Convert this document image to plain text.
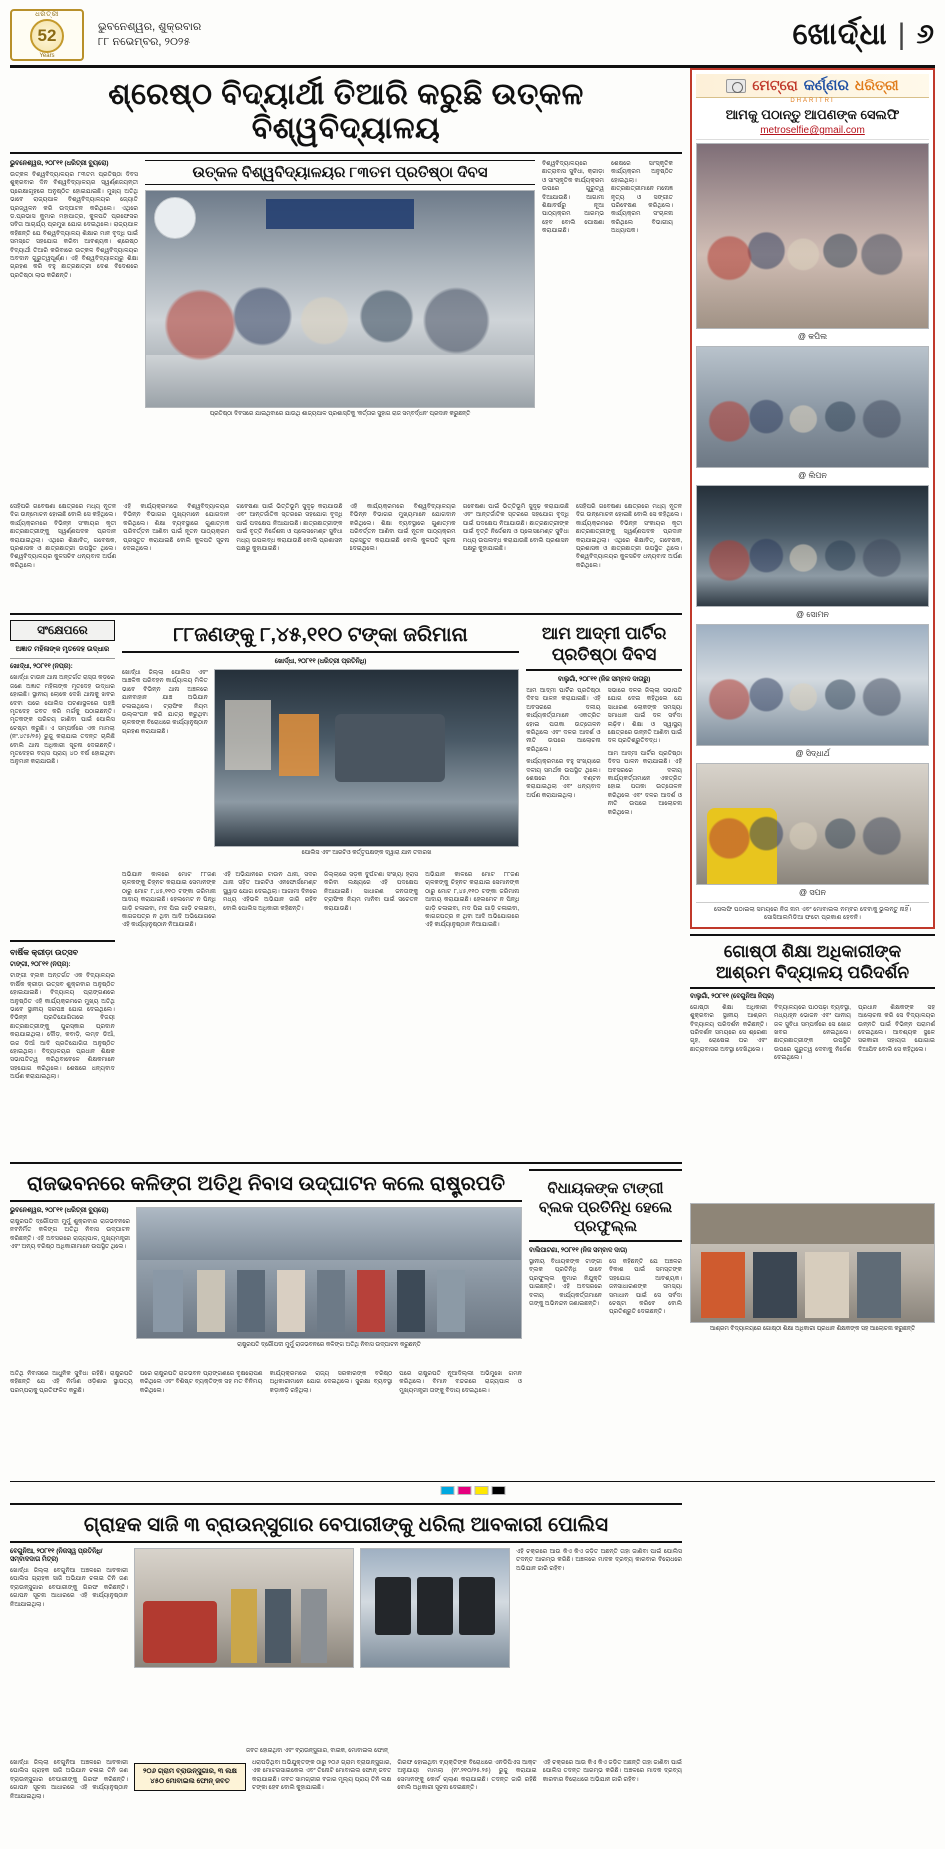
ଧରିତ୍ରୀ
52
Years
ଭୁବନେଶ୍ୱର, ଶୁକ୍ରବାର
୮୮ ନଭେମ୍ବର, ୨୦୨୫	ଖୋର୍ଦ୍ଧା | ୬
ଶ୍ରେଷ୍ଠ ବିଦ୍ୟାର୍ଥୀ ତିଆରି କରୁଛି ଉତ୍କଳ ବିଶ୍ୱବିଦ୍ୟାଳୟ
ଭୁବନେଶ୍ୱର, ୨୦୮୧୧ (ଧରିତ୍ରୀ ବ୍ୟୁରୋ)

ଉତ୍କଳ ବିଶ୍ୱବିଦ୍ୟାଳୟର ୮୩ତମ ପ୍ରତିଷ୍ଠା ଦିବସ ଶୁକ୍ରବାର ଦିନ ବିଶ୍ୱବିଦ୍ୟାଳୟର ସ୍ୱର୍ଣ୍ଣଜୟନ୍ତୀ ପ୍ରେକ୍ଷାଗୃହରେ ଅନୁଷ୍ଠିତ ହୋଇଯାଇଛି। ମୁଖ୍ୟ ଅତିଥି ଭାବେ ରାଜ୍ୟପାଳ ବିଶ୍ୱବିଦ୍ୟାଳୟର ଜ୍ୟୋତି ପ୍ରଜ୍ୱଳନ କରି ଉଦ୍‌ଘାଟନ କରିଥିଲେ। ଏଥିରେ ଡ.ପ୍ରଭାସ କୁମାର ମହାପାତ୍ର, କୁଳପତି ପ୍ରଫେସର ସବିତା ଆଚାର୍ଯ୍ୟ ପ୍ରମୁଖ ଯୋଗ ଦେଇଥିଲେ। ରାଜ୍ୟପାଳ କହିଛନ୍ତି ଯେ ବିଶ୍ୱବିଦ୍ୟାଳୟ ଶିକ୍ଷାର ମାନ ବୃଦ୍ଧି ପାଇଁ ସମସ୍ତେ ସହଯୋଗ କରିବା ଆବଶ୍ୟକ। ଶ୍ରେଷ୍ଠ ବିଦ୍ୟାର୍ଥୀ ତିଆରି କରିବାରେ ଉତ୍କଳ ବିଶ୍ୱବିଦ୍ୟାଳୟର ଅବଦାନ ଗୁରୁତ୍ୱପୂର୍ଣ୍ଣ। ଏହି ବିଶ୍ୱବିଦ୍ୟାଳୟରୁ ଶିକ୍ଷା ଗ୍ରହଣ କରି ବହୁ ଛାତ୍ରଛାତ୍ରୀ ଦେଶ ବିଦେଶରେ ପ୍ରତିଷ୍ଠା ଲାଭ କରିଛନ୍ତି।

ଉତ୍କଳ ବିଶ୍ୱବିଦ୍ୟାଳୟର ୮୩ତମ ପ୍ରତିଷ୍ଠା ଦିବସ
ପ୍ରତିଷ୍ଠା ଦିବସରେ ଯାଇଥିବାରେ ଯାଉଥି ଶାଜ୍ୟପାଳ ପ୍ରଶାସ୍ତିକୁ 'କର୍ତ୍ତାର ସୁହାଗ ରାଜ ସମ୍ବର୍ଦ୍ଧନ' ପ୍ରଦାନ କରୁଛନ୍ତି

ବିଶ୍ୱବିଦ୍ୟାଳୟରେ ଛାତ୍ରାବାସ ସୁବିଧା, କ୍ରୀଡ଼ା ଓ ସାଂସ୍କୃତିକ କାର୍ଯ୍ୟକ୍ରମ ଉପରେ ଗୁରୁତ୍ୱ ଦିଆଯାଉଛି। ଆଗାମୀ ଶିକ୍ଷାବର୍ଷରୁ ନୂଆ ପାଠ୍ୟକ୍ରମ ଆରମ୍ଭ ହେବ ବୋଲି ଘୋଷଣା କରାଯାଇଛି।

ଶେଷରେ ସାଂସ୍କୃତିକ କାର୍ଯ୍ୟକ୍ରମ ଅନୁଷ୍ଠିତ ହୋଇଥିଲା। ଛାତ୍ରଛାତ୍ରୀମାନେ ମନୋଜ୍ଞ ନୃତ୍ୟ ଓ ସଙ୍ଗୀତ ପରିବେଷଣ କରିଥିଲେ। କାର୍ଯ୍ୟକ୍ରମ ସଂଚାଳନା କରିଥିଲେ ବିଭାଗୀୟ ଅଧ୍ୟାପକ।

ସେହିପରି ଗବେଷଣା କ୍ଷେତ୍ରରେ ମଧ୍ୟ ନୂତନ ଦିଗ ଉନ୍ମୋଚନ ହୋଇଛି ବୋଲି ସେ କହିଥିଲେ। କାର୍ଯ୍ୟକ୍ରମରେ ବିଭିନ୍ନ ସଂକାୟର କୃତୀ ଛାତ୍ରଛାତ୍ରୀଙ୍କୁ ସ୍ୱର୍ଣ୍ଣପଦକ ପ୍ରଦାନ କରାଯାଇଥିଲା। ଏଥିରେ ଶିକ୍ଷାବିତ୍‌, ଗବେଷକ, ପ୍ରଶାସକ ଓ ଛାତ୍ରଛାତ୍ରୀ ଉପସ୍ଥିତ ଥିଲେ। ବିଶ୍ୱବିଦ୍ୟାଳୟର କୁଳସଚିବ ଧନ୍ୟବାଦ ଅର୍ପଣ କରିଥିଲେ।

ଏହି କାର୍ଯ୍ୟକ୍ରମରେ ବିଶ୍ୱବିଦ୍ୟାଳୟର ବିଭିନ୍ନ ବିଭାଗର ମୁଖ୍ୟମାନେ ଯୋଗଦାନ କରିଥିଲେ। ଶିକ୍ଷା ବ୍ୟବସ୍ଥାରେ ଗୁଣାତ୍ମକ ପରିବର୍ତ୍ତନ ଆଣିବା ପାଇଁ ନୂତନ ପାଠ୍ୟକ୍ରମ ପ୍ରସ୍ତୁତ କରାଯାଇଛି ବୋଲି କୁଳପତି ସୂଚନା ଦେଇଥିଲେ।

ଗବେଷଣା ପାଇଁ ଭିତ୍ତିଭୂମି ସୁଦୃଢ଼ କରାଯାଉଛି ଏବଂ ଆନ୍ତର୍ଜାତିକ ସ୍ତରରେ ସହଯୋଗ ବୃଦ୍ଧି ପାଇଁ ପଦକ୍ଷେପ ନିଆଯାଉଛି। ଛାତ୍ରଛାତ୍ରୀଙ୍କ ପାଇଁ ବୃତ୍ତି ନିର୍ଦ୍ଦେଶନା ଓ ପ୍ଲେସମେଣ୍ଟ ସୁବିଧା ମଧ୍ୟ ଉପଲବ୍ଧ କରାଯାଉଛି ବୋଲି ପ୍ରଶାସନ ପକ୍ଷରୁ କୁହାଯାଇଛି।

ଏହି କାର୍ଯ୍ୟକ୍ରମରେ ବିଶ୍ୱବିଦ୍ୟାଳୟର ବିଭିନ୍ନ ବିଭାଗର ମୁଖ୍ୟମାନେ ଯୋଗଦାନ କରିଥିଲେ। ଶିକ୍ଷା ବ୍ୟବସ୍ଥାରେ ଗୁଣାତ୍ମକ ପରିବର୍ତ୍ତନ ଆଣିବା ପାଇଁ ନୂତନ ପାଠ୍ୟକ୍ରମ ପ୍ରସ୍ତୁତ କରାଯାଇଛି ବୋଲି କୁଳପତି ସୂଚନା ଦେଇଥିଲେ।

ଗବେଷଣା ପାଇଁ ଭିତ୍ତିଭୂମି ସୁଦୃଢ଼ କରାଯାଉଛି ଏବଂ ଆନ୍ତର୍ଜାତିକ ସ୍ତରରେ ସହଯୋଗ ବୃଦ୍ଧି ପାଇଁ ପଦକ୍ଷେପ ନିଆଯାଉଛି। ଛାତ୍ରଛାତ୍ରୀଙ୍କ ପାଇଁ ବୃତ୍ତି ନିର୍ଦ୍ଦେଶନା ଓ ପ୍ଲେସମେଣ୍ଟ ସୁବିଧା ମଧ୍ୟ ଉପଲବ୍ଧ କରାଯାଉଛି ବୋଲି ପ୍ରଶାସନ ପକ୍ଷରୁ କୁହାଯାଇଛି।

ସେହିପରି ଗବେଷଣା କ୍ଷେତ୍ରରେ ମଧ୍ୟ ନୂତନ ଦିଗ ଉନ୍ମୋଚନ ହୋଇଛି ବୋଲି ସେ କହିଥିଲେ। କାର୍ଯ୍ୟକ୍ରମରେ ବିଭିନ୍ନ ସଂକାୟର କୃତୀ ଛାତ୍ରଛାତ୍ରୀଙ୍କୁ ସ୍ୱର୍ଣ୍ଣପଦକ ପ୍ରଦାନ କରାଯାଇଥିଲା। ଏଥିରେ ଶିକ୍ଷାବିତ୍‌, ଗବେଷକ, ପ୍ରଶାସକ ଓ ଛାତ୍ରଛାତ୍ରୀ ଉପସ୍ଥିତ ଥିଲେ। ବିଶ୍ୱବିଦ୍ୟାଳୟର କୁଳସଚିବ ଧନ୍ୟବାଦ ଅର୍ପଣ କରିଥିଲେ।

ସଂକ୍ଷେପରେ
ଅଜ୍ଞାତ ମହିଳାଙ୍କ ମୃତଦେହ ଉଦ୍ଧାର
ଖୋର୍ଦ୍ଧା, ୨୦୮୧୧ (ନିପ୍ର):

ଖୋର୍ଦ୍ଧା ଟାଉନ ଥାନା ଅନ୍ତର୍ଗତ ରାସ୍ତା କଡ଼ରେ ଜଣେ ଅଜ୍ଞାତ ମହିଳାଙ୍କ ମୃତଦେହ ଉଦ୍ଧାର ହୋଇଛି। ସ୍ଥାନୀୟ ଲୋକେ ଦେଖି ଥାନାକୁ ଖବର ଦେବା ପରେ ପୋଲିସ ଘଟଣାସ୍ଥଳରେ ପହଞ୍ଚି ମୃତଦେହ ଜବତ କରି ମର୍ଗକୁ ପଠାଇଛନ୍ତି। ମୃତକଙ୍କ ପରିଚୟ ଜାଣିବା ପାଇଁ ପୋଲିସ ଚେଷ୍ଟା କରୁଛି। ଏ ସମ୍ପର୍କରେ ଏକ ମାମଲା (ନଂ.୪୯୫/୨୫) ରୁଜୁ କରାଯାଇ ତଦନ୍ତ ଚାଲିଛି ବୋଲି ଥାନା ଅଧିକାରୀ ସୂଚନା ଦେଇଛନ୍ତି। ମୃତଦେହର ବୟସ ପ୍ରାୟ ୪୦ ବର୍ଷ ହୋଇଥିବା ଅନୁମାନ କରାଯାଉଛି।

ବାର୍ଷିକ କ୍ରୀଡ଼ା ଉତ୍ସବ
ଟାଙ୍ଗୀ, ୨୦୮୧୧ (ନିପ୍ର):

ଟାଙ୍ଗୀ ବ୍ଲକ ଅନ୍ତର୍ଗତ ଏକ ବିଦ୍ୟାଳୟର ବାର୍ଷିକ କ୍ରୀଡ଼ା ଉତ୍ସବ ଶୁକ୍ରବାର ଅନୁଷ୍ଠିତ ହୋଇଯାଇଛି। ବିଦ୍ୟାଳୟ ପ୍ରାଙ୍ଗଣରେ ଅନୁଷ୍ଠିତ ଏହି କାର୍ଯ୍ୟକ୍ରମରେ ମୁଖ୍ୟ ଅତିଥି ଭାବେ ସ୍ଥାନୀୟ ସରପଞ୍ଚ ଯୋଗ ଦେଇଥିଲେ। ବିଭିନ୍ନ ପ୍ରତିଯୋଗିତାରେ ବିଜୟୀ ଛାତ୍ରଛାତ୍ରୀଙ୍କୁ ପୁରସ୍କାର ପ୍ରଦାନ କରାଯାଇଥିଲା। ଦୌଡ଼, କବାଡ଼ି, ଲମ୍ବ ଡିଆଁ, ଉଚ୍ଚ ଡିଆଁ ଆଦି ପ୍ରତିଯୋଗିତା ଅନୁଷ୍ଠିତ ହୋଇଥିଲା। ବିଦ୍ୟାଳୟର ପ୍ରଧାନ ଶିକ୍ଷକ ସଭାପତିତ୍ୱ କରିଥିବାବେଳେ ଶିକ୍ଷକମାନେ ସହଯୋଗ କରିଥିଲେ। ଶେଷରେ ଧନ୍ୟବାଦ ଅର୍ପଣ କରାଯାଇଥିଲା।

୮୮ଜଣଙ୍କୁ ୮,୪୫,୧୧୦ ଟଙ୍କା ଜରିମାନା
ଖୋର୍ଦ୍ଧା, ୨୦୮୧୧ (ଧରିତ୍ରୀ ପ୍ରତିନିଧି)

ଖୋର୍ଦ୍ଧା ଜିଲ୍ଲା ପୋଲିସ ଏବଂ ଆଞ୍ଚଳିକ ପରିବହନ କାର୍ଯ୍ୟାଳୟ ମିଳିତ ଭାବେ ବିଭିନ୍ନ ଥାନା ଅଞ୍ଚଳରେ ଯାନବାହାନ ଯାଞ୍ଚ ଅଭିଯାନ ଚଳାଇଥିଲେ। ଟ୍ରାଫିକ ନିୟମ ଉଲ୍ଲଂଘନ କରି ଯାତ୍ରା କରୁଥିବା ଚାଳକଙ୍କ ବିରୋଧରେ କାର୍ଯ୍ୟାନୁଷ୍ଠାନ ଗ୍ରହଣ କରାଯାଇଛି।

ପୋଲିସ ଏବଂ ଆରଟିଓ କର୍ତ୍ତୃପକ୍ଷଙ୍କ ଦ୍ୱାରା ଯାନ ତଦାରଖ

ଅଭିଯାନ କାଳରେ ମୋଟ ୮୮ଜଣ ଚାଳକଙ୍କୁ ଚିହ୍ନଟ କରାଯାଇ ସେମାନଙ୍କ ଠାରୁ ମୋଟ ୮,୪୫,୧୧୦ ଟଙ୍କା ଜରିମାନା ଆଦାୟ କରାଯାଇଛି। ହେଲମେଟ ନ ପିନ୍ଧି ଗାଡ଼ି ଚଳାଇବା, ମଦ ପିଇ ଗାଡ଼ି ଚଳାଇବା, କାଗଜପତ୍ର ନ ଥିବା ଆଦି ଅଭିଯୋଗରେ ଏହି କାର୍ଯ୍ୟାନୁଷ୍ଠାନ ନିଆଯାଇଛି।

ଏହି ଅଭିଯାନରେ ଟାଉନ ଥାନା, ସଦର ଥାନା ସହିତ ଆରଟିଓ ଏନଫୋର୍ସମେଣ୍ଟ ସ୍କ୍ୱାଡ ଯୋଗ ଦେଇଥିଲା। ଆଗାମୀ ଦିନରେ ମଧ୍ୟ ଏହିଭଳି ଅଭିଯାନ ଜାରି ରହିବ ବୋଲି ପୋଲିସ ଅଧିକାରୀ କହିଛନ୍ତି।

ଜିଲ୍ଲାରେ ସଡ଼କ ଦୁର୍ଘଟଣା ସଂଖ୍ୟା ହ୍ରାସ କରିବା ଲକ୍ଷ୍ୟରେ ଏହି ପଦକ୍ଷେପ ନିଆଯାଇଛି। ସାଧାରଣ ଜନତାଙ୍କୁ ଟ୍ରାଫିକ ନିୟମ ମାନିବା ପାଇଁ ସଚେତନ କରାଯାଉଛି।

ଅଭିଯାନ କାଳରେ ମୋଟ ୮୮ଜଣ ଚାଳକଙ୍କୁ ଚିହ୍ନଟ କରାଯାଇ ସେମାନଙ୍କ ଠାରୁ ମୋଟ ୮,୪୫,୧୧୦ ଟଙ୍କା ଜରିମାନା ଆଦାୟ କରାଯାଇଛି। ହେଲମେଟ ନ ପିନ୍ଧି ଗାଡ଼ି ଚଳାଇବା, ମଦ ପିଇ ଗାଡ଼ି ଚଳାଇବା, କାଗଜପତ୍ର ନ ଥିବା ଆଦି ଅଭିଯୋଗରେ ଏହି କାର୍ଯ୍ୟାନୁଷ୍ଠାନ ନିଆଯାଇଛି।

ଆମ ଆଦ୍‌ମୀ ପାର୍ଟିର ପ୍ରତିଷ୍ଠା ଦିବସ
ବାଲୁଗାଁ, ୨୦୮୧୧ (ନିଜ ସମ୍ବାଦ ଦାତାରୁ)

ଆମ ଆଦ୍‌ମୀ ପାର୍ଟିର ପ୍ରତିଷ୍ଠା ଦିବସ ପାଳନ କରାଯାଇଛି। ଏହି ଅବସରରେ ଦଳୀୟ କାର୍ଯ୍ୟକର୍ତ୍ତାମାନେ ଏକତ୍ରିତ ହୋଇ ପତାକା ଉତ୍ତୋଳନ କରିଥିଲେ ଏବଂ ଦଳର ଆଦର୍ଶ ଓ ନୀତି ଉପରେ ଆଲୋଚନା କରିଥିଲେ।

କାର୍ଯ୍ୟକ୍ରମରେ ବହୁ ସଂଖ୍ୟାରେ ଦଳୀୟ ସମର୍ଥକ ଉପସ୍ଥିତ ଥିଲେ। ଶେଷରେ ମିଠା ବଣ୍ଟନ କରାଯାଇଥିଲା ଏବଂ ଧନ୍ୟବାଦ ଅର୍ପଣ କରାଯାଇଥିଲା।

ସଭାରେ ଦଳର ଜିଲ୍ଲା ସଭାପତି ଯୋଗ ଦେଇ କହିଥିଲେ ଯେ ସାଧାରଣ ଲୋକଙ୍କ ସମସ୍ୟା ସମାଧାନ ପାଇଁ ଦଳ ସର୍ବଦା ଲଢ଼ିବ। ଶିକ୍ଷା ଓ ସ୍ୱାସ୍ଥ୍ୟ କ୍ଷେତ୍ରରେ ଉନ୍ନତି ଆଣିବା ପାଇଁ ଦଳ ପ୍ରତିଶ୍ରୁତିବଦ୍ଧ।

ଆମ ଆଦ୍‌ମୀ ପାର୍ଟିର ପ୍ରତିଷ୍ଠା ଦିବସ ପାଳନ କରାଯାଇଛି। ଏହି ଅବସରରେ ଦଳୀୟ କାର୍ଯ୍ୟକର୍ତ୍ତାମାନେ ଏକତ୍ରିତ ହୋଇ ପତାକା ଉତ୍ତୋଳନ କରିଥିଲେ ଏବଂ ଦଳର ଆଦର୍ଶ ଓ ନୀତି ଉପରେ ଆଲୋଚନା କରିଥିଲେ।

ରାଜଭବନରେ କଳିଙ୍ଗ ଅତିଥି ନିବାସ ଉଦ୍‌ଘାଟନ କଲେ ରାଷ୍ଟ୍ରପତି
ଭୁବନେଶ୍ୱର, ୨୦୮୧୧ (ଧରିତ୍ରୀ ବ୍ୟୁରୋ)

ରାଷ୍ଟ୍ରପତି ଦ୍ରୌପଦୀ ମୁର୍ମୁ ଶୁକ୍ରବାର ରାଜଭବନରେ ନବନିର୍ମିତ କଳିଙ୍ଗ ଅତିଥି ନିବାସ ଉଦ୍‌ଘାଟନ କରିଛନ୍ତି। ଏହି ଅବସରରେ ରାଜ୍ୟପାଳ, ମୁଖ୍ୟମନ୍ତ୍ରୀ ଏବଂ ଅନ୍ୟ ବରିଷ୍ଠ ଅଧିକାରୀମାନେ ଉପସ୍ଥିତ ଥିଲେ।

ରାଷ୍ଟ୍ରପତି ଦ୍ରୌପଦୀ ମୁର୍ମୁ ରାଜଭବନରେ କଳିଙ୍ଗ ଅତିଥି ନିବାସ ଉଦ୍‌ଘାଟନ କରୁଛନ୍ତି

ଅତିଥି ନିବାସରେ ଆଧୁନିକ ସୁବିଧା ରହିଛି। ରାଷ୍ଟ୍ରପତି କହିଛନ୍ତି ଯେ ଏହି ନିର୍ମାଣ ଓଡ଼ିଶାର ସ୍ଥାପତ୍ୟ ପରମ୍ପରାକୁ ପ୍ରତିଫଳିତ କରୁଛି।

ପରେ ରାଷ୍ଟ୍ରପତି ରାଜଭବନ ପ୍ରାଙ୍ଗଣରେ ବୃକ୍ଷରୋପଣ କରିଥିଲେ ଏବଂ ବିଶିଷ୍ଟ ବ୍ୟକ୍ତିଙ୍କ ସହ ମତ ବିନିମୟ କରିଥିଲେ।

କାର୍ଯ୍ୟକ୍ରମରେ ରାଜ୍ୟ ସରକାରଙ୍କ ବରିଷ୍ଠ ଅଧିକାରୀମାନେ ଯୋଗ ଦେଇଥିଲେ। ସୁରକ୍ଷା ବ୍ୟବସ୍ଥା କଡ଼ାକଡ଼ି ରହିଥିଲା।

ପରେ ରାଷ୍ଟ୍ରପତି ନୂଆଦିଲ୍ଲୀ ଅଭିମୁଖେ ଗମନ କରିଥିଲେ। ବିମାନ ବନ୍ଦରରେ ରାଜ୍ୟପାଳ ଓ ମୁଖ୍ୟମନ୍ତ୍ରୀ ତାଙ୍କୁ ବିଦାୟ ଦେଇଥିଲେ।

ବିଧାୟକଙ୍କ ଟାଙ୍ଗୀ ବ୍ଲକ ପ୍ରତିନିଧି ହେଲେ ପ୍ରଫୁଲ୍ଲ
ବାଲିପାଟଣା, ୨୦୮୧୧ (ନିଜ ସମ୍ବାଦ ଦାତା)

ସ୍ଥାନୀୟ ବିଧାୟକଙ୍କ ଟାଙ୍ଗୀ ବ୍ଲକ ପ୍ରତିନିଧି ଭାବେ ପ୍ରଫୁଲ୍ଲ କୁମାର ନିଯୁକ୍ତି ପାଇଛନ୍ତି। ଏହି ଅବସରରେ ଦଳୀୟ କାର୍ଯ୍ୟକର୍ତ୍ତାମାନେ ତାଙ୍କୁ ଅଭିନନ୍ଦନ ଜଣାଇଛନ୍ତି।

ସେ କହିଛନ୍ତି ଯେ ଅଞ୍ଚଳର ବିକାଶ ପାଇଁ ସମସ୍ତଙ୍କ ସହଯୋଗ ଆବଶ୍ୟକ। ଜନସାଧାରଣଙ୍କ ସମସ୍ୟା ସମାଧାନ ପାଇଁ ସେ ସର୍ବଦା ଚେଷ୍ଟା କରିବେ ବୋଲି ପ୍ରତିଶ୍ରୁତି ଦେଇଛନ୍ତି।

ଗ୍ରାହକ ସାଜି ୩ ବ୍ରାଉନ୍‌ସୁଗାର ବେପାରୀଙ୍କୁ ଧରିଲା ଆବକାରୀ ପୋଲିସ
ବେଗୁନିଆ, ୨୦୮୧୧ (ନିଜସ୍ୱ ପ୍ରତିନିଧି/ସମ୍ବାଦଦାତା ମିତ୍ର)

ଖୋର୍ଦ୍ଧା ଜିଲ୍ଲା ବେଗୁନିଆ ଅଞ୍ଚଳରେ ଆବକାରୀ ପୋଲିସ ଗ୍ରାହକ ସାଜି ଅଭିଯାନ ଚଳାଇ ତିନି ଜଣ ବ୍ରାଉନ୍‌ସୁଗାର ବେପାରୀଙ୍କୁ ଗିରଫ କରିଛନ୍ତି। ଗୋପନ ସୂଚନା ଆଧାରରେ ଏହି କାର୍ଯ୍ୟାନୁଷ୍ଠାନ ନିଆଯାଇଥିଲା।

ଏହି ଚକ୍ରରେ ଆଉ କିଏ କିଏ ଜଡ଼ିତ ଅଛନ୍ତି ତାହା ଜାଣିବା ପାଇଁ ପୋଲିସ ତଦନ୍ତ ଆରମ୍ଭ କରିଛି। ଅଞ୍ଚଳରେ ମାଦକ ଦ୍ରବ୍ୟ କାରବାର ବିରୋଧରେ ଅଭିଯାନ ଜାରି ରହିବ।

ଜବତ ହୋଇଥିବା ଏବଂ ବ୍ରାଉନ୍‌ସୁଗାର, ବାଇକ, ମୋବାଇଲ ଫୋନ୍‌

ଖୋର୍ଦ୍ଧା ଜିଲ୍ଲା ବେଗୁନିଆ ଅଞ୍ଚଳରେ ଆବକାରୀ ପୋଲିସ ଗ୍ରାହକ ସାଜି ଅଭିଯାନ ଚଳାଇ ତିନି ଜଣ ବ୍ରାଉନ୍‌ସୁଗାର ବେପାରୀଙ୍କୁ ଗିରଫ କରିଛନ୍ତି। ଗୋପନ ସୂଚନା ଆଧାରରେ ଏହି କାର୍ଯ୍ୟାନୁଷ୍ଠାନ ନିଆଯାଇଥିଲା।

୨୦୬ ଗ୍ରାମ ବ୍ରାଉନ୍‌ସୁଗାର, ୩ ଲକ୍ଷ ୪୫୦ ମୋବାଇଲ ଫୋନ୍‌ ଜବତ

ଧରାପଡ଼ିଥିବା ଅଭିଯୁକ୍ତଙ୍କ ଠାରୁ ୨୦୬ ଗ୍ରାମ ବ୍ରାଉନ୍‌ସୁଗାର, ଏକ ମୋଟରସାଇକେଲ ଏବଂ ତିନୋଟି ମୋବାଇଲ ଫୋନ୍‌ ଜବତ କରାଯାଇଛି। ଜବତ ସାମଗ୍ରୀର ବଜାର ମୂଲ୍ୟ ପ୍ରାୟ ତିନି ଲକ୍ଷ ଟଙ୍କା ହେବ ବୋଲି କୁହାଯାଇଛି।

ଗିରଫ ହୋଇଥିବା ବ୍ୟକ୍ତିଙ୍କ ବିରୋଧରେ ଏନଡିପିଏସ ଆକ୍ଟ ଅନୁଯାୟୀ ମାମଲା (ନଂ.୨୧୦/୨୫.୨୫) ରୁଜୁ କରାଯାଇ ସେମାନଙ୍କୁ କୋର୍ଟ ଚାଲାଣ କରାଯାଇଛି। ତଦନ୍ତ ଜାରି ରହିଛି ବୋଲି ଅଧିକାରୀ ସୂଚନା ଦେଇଛନ୍ତି।

ଏହି ଚକ୍ରରେ ଆଉ କିଏ କିଏ ଜଡ଼ିତ ଅଛନ୍ତି ତାହା ଜାଣିବା ପାଇଁ ପୋଲିସ ତଦନ୍ତ ଆରମ୍ଭ କରିଛି। ଅଞ୍ଚଳରେ ମାଦକ ଦ୍ରବ୍ୟ କାରବାର ବିରୋଧରେ ଅଭିଯାନ ଜାରି ରହିବ।

ମେଟ୍ରୋ କର୍ଣ୍ଣର ଧରିତ୍ରୀ
DHARITRI
ଆମକୁ ପଠାନ୍ତୁ ଆପଣଙ୍କ ସେଲଫି
metroselfie@gmail.com
@ କପିଲ
@ ଲିପନ
@ ସୋମନ
@ ସିଦ୍ଧାର୍ଥ
@ ସପନ
ସେଲଫି ପଠାଇଲା ସମୟରେ ନିଜ ନାମ ଏବଂ ମୋବାଇଲ ନମ୍ବର ଦେବାକୁ ଭୁଲନ୍ତୁ ନାହିଁ। ସୋସିଆଲମିଡିଆ ଫଟୋ ପ୍ରକାଶ ହେବନି।
ଗୋଷ୍ଠୀ ଶିକ୍ଷା ଅଧିକାରୀଙ୍କ
ଆଶ୍ରମ ବିଦ୍ୟାଳୟ ପରିଦର୍ଶନ
ବାଲୁଗାଁ, ୨୦୮୧୧ (ବେଗୁନିଆ ନିପ୍ର)

ଗୋଷ୍ଠୀ ଶିକ୍ଷା ଅଧିକାରୀ ଶୁକ୍ରବାର ସ୍ଥାନୀୟ ଆଶ୍ରମ ବିଦ୍ୟାଳୟ ପରିଦର୍ଶନ କରିଛନ୍ତି। ପରିଦର୍ଶନ ସମୟରେ ସେ ଶ୍ରେଣୀ ଗୃହ, ରୋଷେଇ ଘର ଏବଂ ଛାତ୍ରାବାସର ଅବସ୍ଥା ଦେଖିଥିଲେ।

ବିଦ୍ୟାଳୟରେ ପାଠପଢ଼ା ବ୍ୟବସ୍ଥା, ମଧ୍ୟାହ୍ନ ଭୋଜନ ଏବଂ ପାନୀୟ ଜଳ ସୁବିଧା ସମ୍ପର୍କରେ ସେ ଖୋଜ ଖବର ନେଇଥିଲେ। ଛାତ୍ରଛାତ୍ରୀଙ୍କ ଉପସ୍ଥିତି ଉପରେ ଗୁରୁତ୍ୱ ଦେବାକୁ ନିର୍ଦ୍ଦେଶ ଦେଇଥିଲେ।

ପ୍ରଧାନ ଶିକ୍ଷକଙ୍କ ସହ ଆଲୋଚନା କରି ସେ ବିଦ୍ୟାଳୟର ଉନ୍ନତି ପାଇଁ ବିଭିନ୍ନ ପରାମର୍ଶ ଦେଇଥିଲେ। ଆବଶ୍ୟକ ସ୍ଥଳେ ସରକାରୀ ସହାୟତା ଯୋଗାଇ ଦିଆଯିବ ବୋଲି ସେ କହିଥିଲେ।

ଆଶ୍ରମ ବିଦ୍ୟାଳୟରେ ଗୋଷ୍ଠୀ ଶିକ୍ଷା ଅଧିକାରୀ ପ୍ରଧାନ ଶିକ୍ଷକଙ୍କ ସହ ଆଲୋଚନା କରୁଛନ୍ତି
